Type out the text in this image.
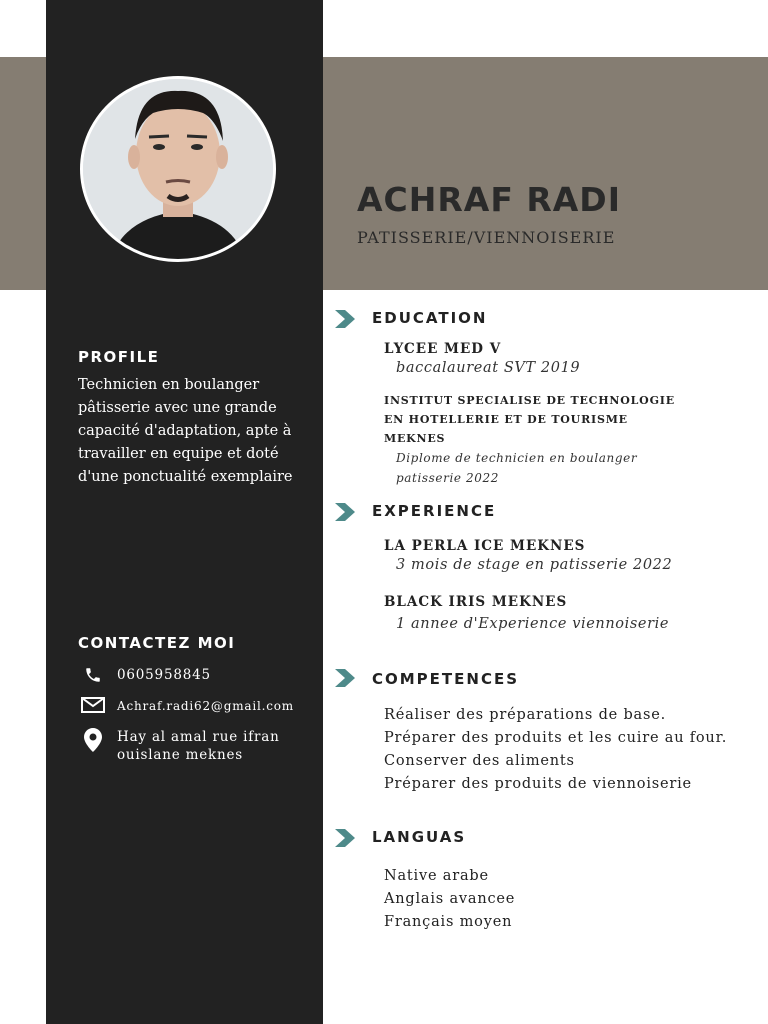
ACHRAF RADI
PATISSERIE/VIENNOISERIE
PROFILE
Technicien en boulanger pâtisserie avec une grande capacité d'adaptation, apte à travailler en equipe et doté d'une ponctualité exemplaire
CONTACTEZ MOI
0605958845
Achraf.radi62@gmail.com
Hay al amal rue ifran ouislane meknes
EDUCATION
LYCEE MED V
baccalaureat SVT 2019
INSTITUT SPECIALISE DE TECHNOLOGIE EN HOTELLERIE ET DE TOURISME MEKNES
Diplome de technicien en boulanger patisserie 2022
EXPERIENCE
LA PERLA ICE MEKNES
3 mois de stage en patisserie 2022
BLACK IRIS MEKNES
1 annee d'Experience viennoiserie
COMPETENCES
Réaliser des préparations de base.
Préparer des produits et les cuire au four.
Conserver des aliments
Préparer des produits de viennoiserie
LANGUAS
Native arabe
Anglais avancee
Français moyen
